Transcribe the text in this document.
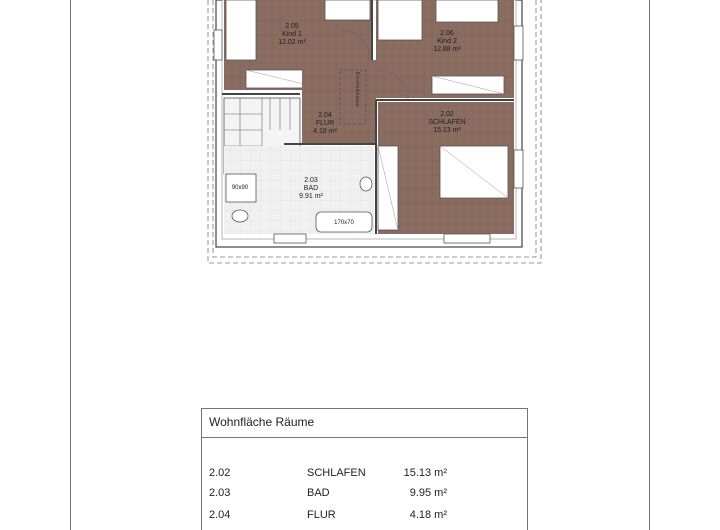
2.05
Kind 1
12.02 m²
2.06
Kind 2
12.88 m²
2.04
FLUR
4.18 m²
2.02
SCHLAFEN
15.13 m²
2.03
BAD
9.91 m²
90x90
170x70
Einschubtreppe
Wohnfläche Räume
2.02	SCHLAFEN	15.13 m²
2.03	BAD	9.95 m²
2.04	FLUR	4.18 m²
